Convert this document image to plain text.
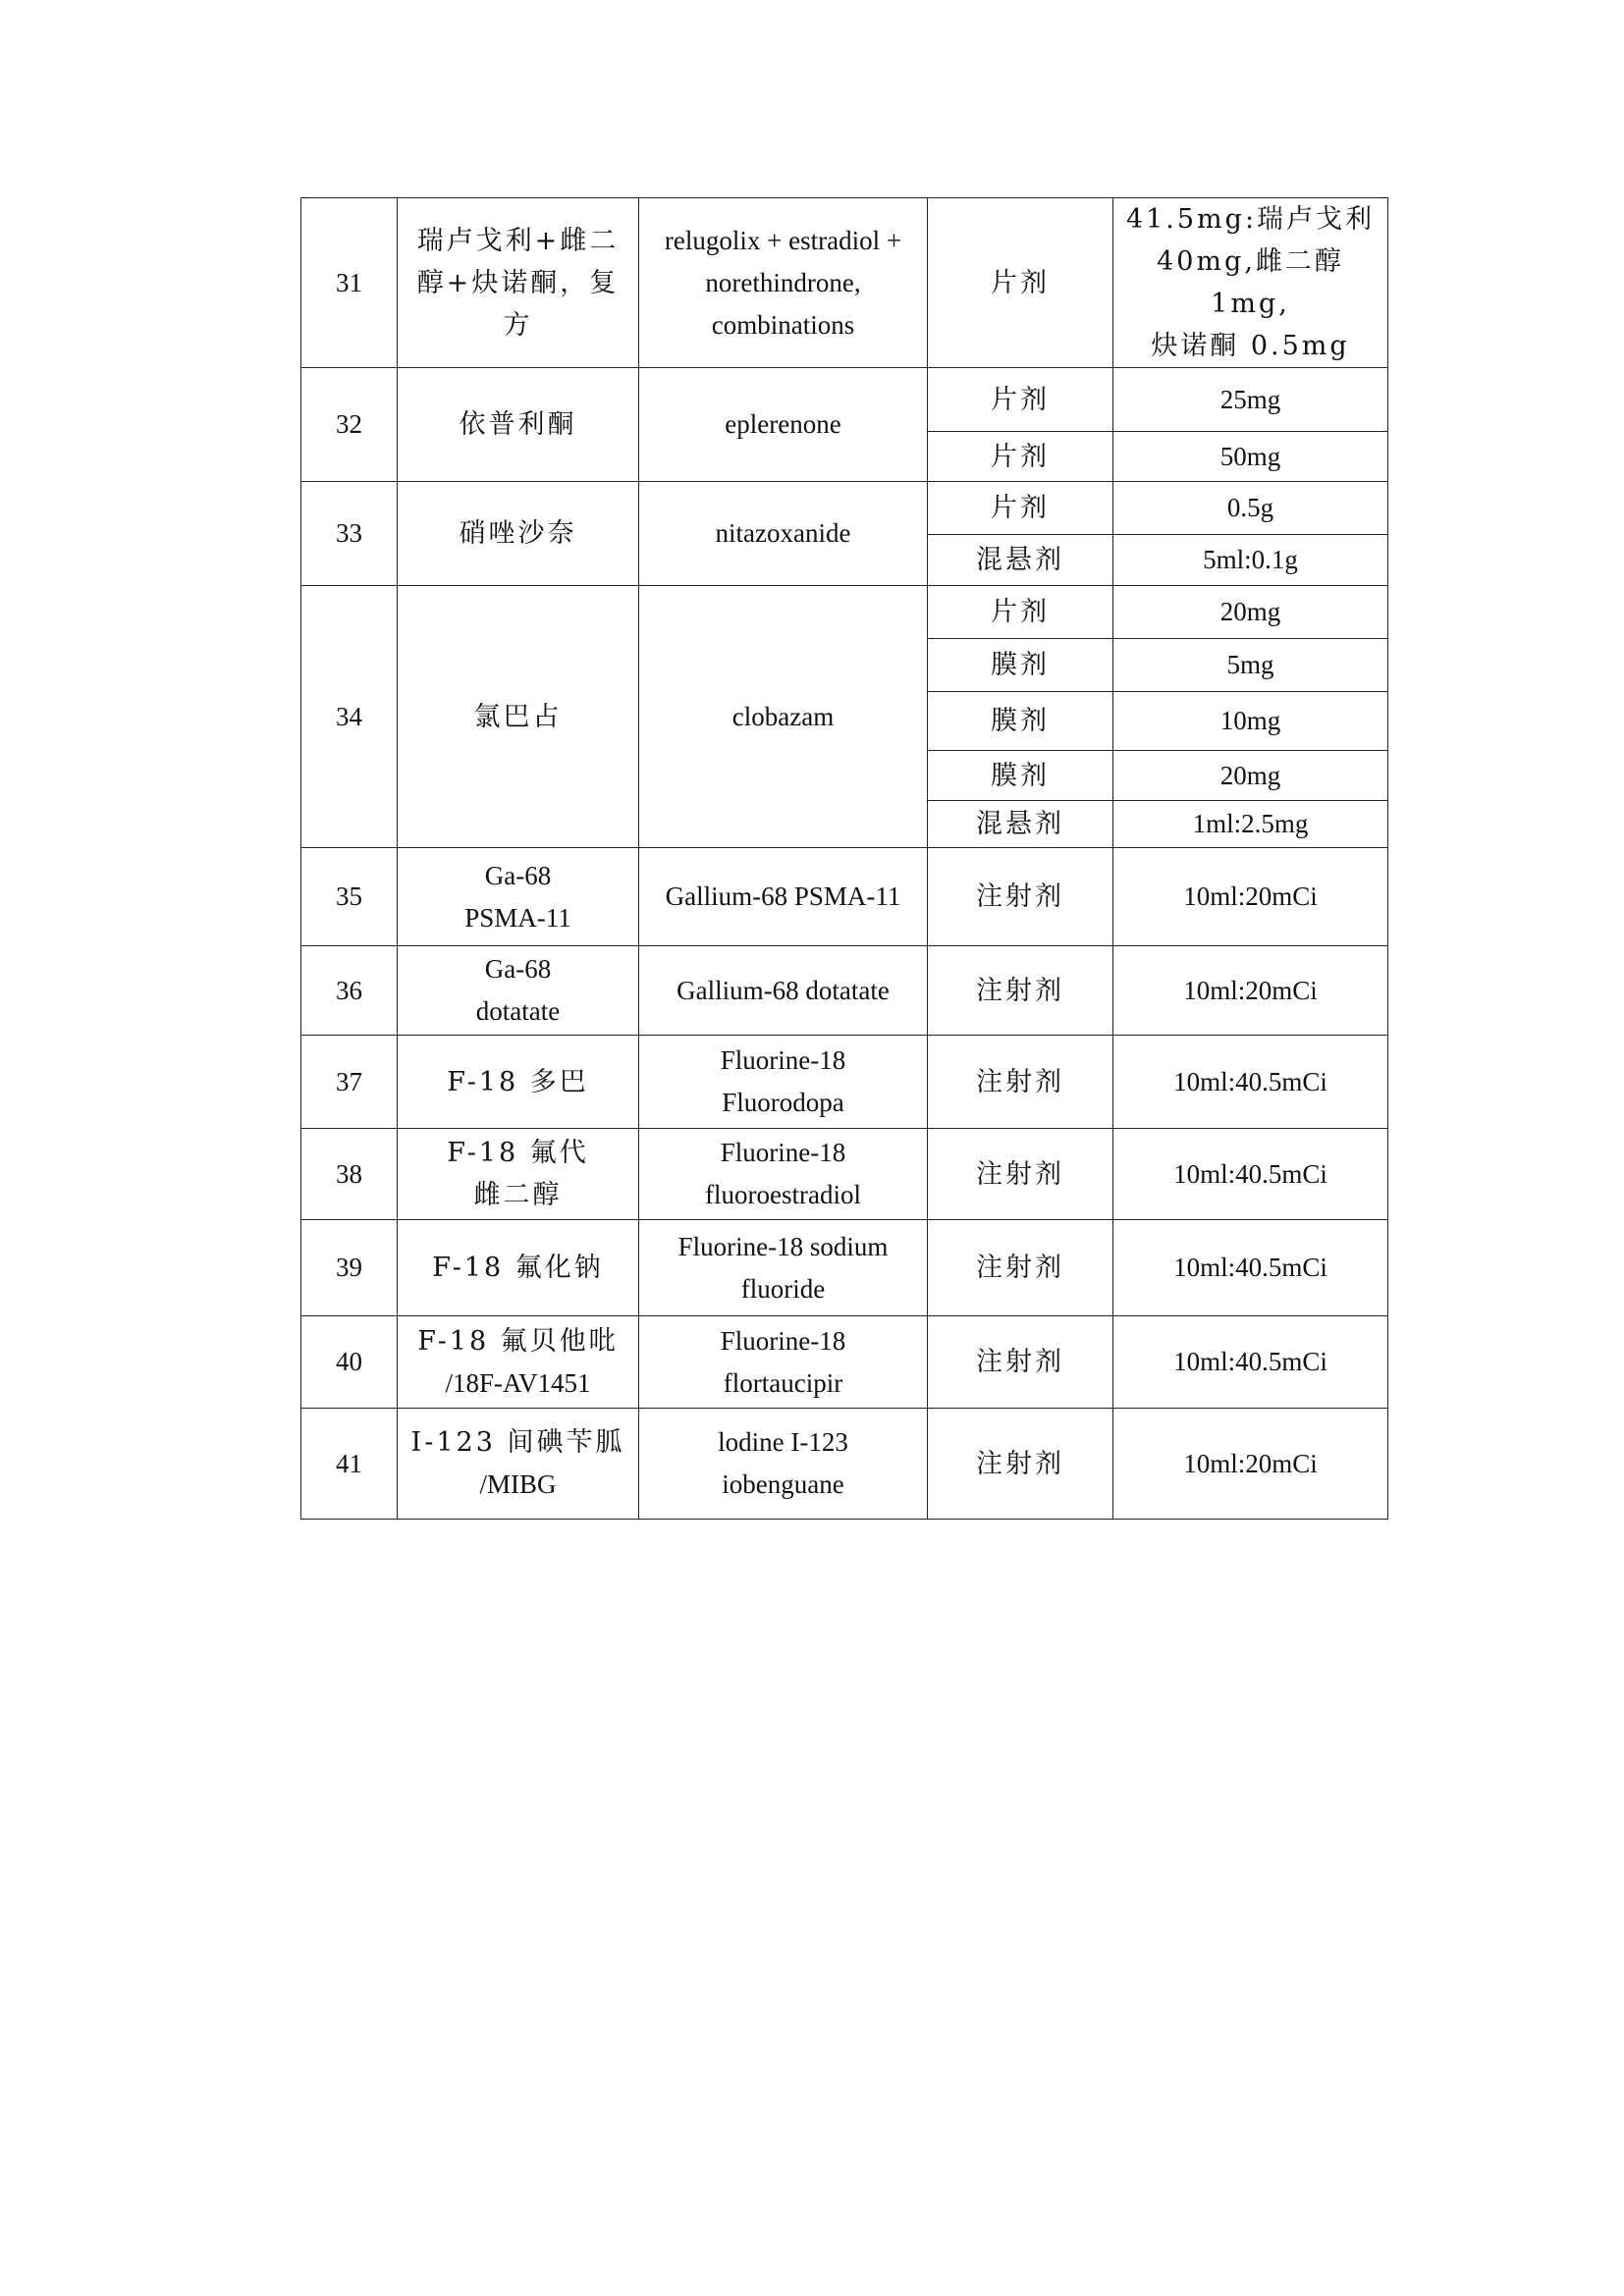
31	瑞卢戈利+雌二
醇+炔诺酮，复方	relugolix + estradiol +
norethindrone,
combinations	片剂	41.5mg:瑞卢戈利
40mg,雌二醇 1mg,
炔诺酮 0.5mg

32	依普利酮	eplerenone	片剂	25mg

			片剂	50mg

33	硝唑沙奈	nitazoxanide	片剂	0.5g

			混悬剂	5ml:0.1g

34	氯巴占	clobazam	片剂	20mg

			膜剂	5mg

			膜剂	10mg

			膜剂	20mg

			混悬剂	1ml:2.5mg

35	Ga-68
PSMA-11	Gallium-68 PSMA-11	注射剂	10ml:20mCi

36	Ga-68
dotatate	Gallium-68 dotatate	注射剂	10ml:20mCi

37	F-18 多巴	Fluorine-18
Fluorodopa	注射剂	10ml:40.5mCi

38	F-18 氟代
雌二醇	Fluorine-18
fluoroestradiol	注射剂	10ml:40.5mCi

39	F-18 氟化钠	Fluorine-18 sodium
fluoride	注射剂	10ml:40.5mCi

40	F-18 氟贝他吡
/18F-AV1451	Fluorine-18
flortaucipir	注射剂	10ml:40.5mCi

41	I-123 间碘苄胍
/MIBG	lodine I-123
iobenguane	注射剂	10ml:20mCi
